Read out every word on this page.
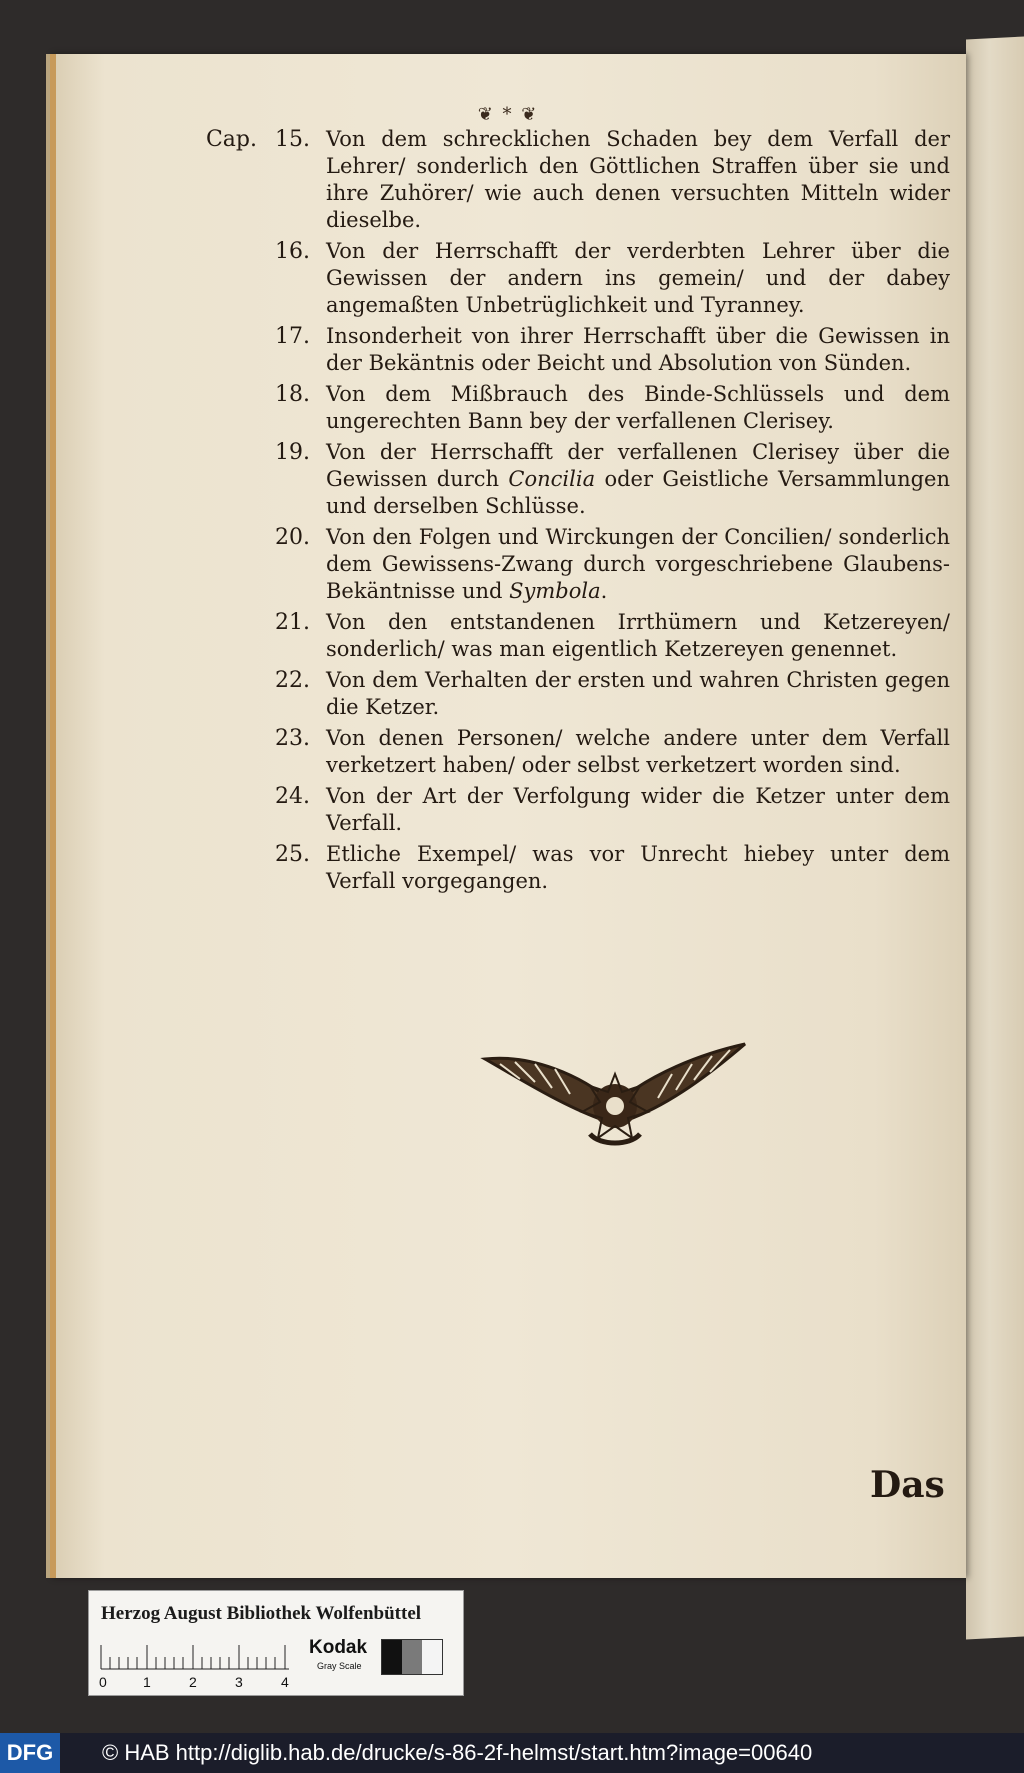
❦ * ❦
Cap. 15. Von dem schrecklichen Schaden bey dem Verfall der Lehrer/ sonderlich den Göttlichen Straffen über sie und ihre Zuhörer/ wie auch denen versuchten Mitteln wider dieselbe.
16. Von der Herrschafft der verderbten Lehrer über die Gewissen der andern ins gemein/ und der dabey angemaßten Unbetrüglichkeit und Tyranney.
17. Insonderheit von ihrer Herrschafft über die Gewissen in der Bekäntnis oder Beicht und Absolution von Sünden.
18. Von dem Mißbrauch des Binde-Schlüssels und dem ungerechten Bann bey der verfallenen Clerisey.
19. Von der Herrschafft der verfallenen Clerisey über die Gewissen durch Concilia oder Geistliche Versammlungen und derselben Schlüsse.
20. Von den Folgen und Wirckungen der Concilien/ sonderlich dem Gewissens-Zwang durch vorgeschriebene Glaubens-Bekäntnisse und Symbola.
21. Von den entstandenen Irrthümern und Ketzereyen/ sonderlich/ was man eigentlich Ketzereyen genennet.
22. Von dem Verhalten der ersten und wahren Christen gegen die Ketzer.
23. Von denen Personen/ welche andere unter dem Verfall verketzert haben/ oder selbst verketzert worden sind.
24. Von der Art der Verfolgung wider die Ketzer unter dem Verfall.
25. Etliche Exempel/ was vor Unrecht hiebey unter dem Verfall vorgegangen.
Das
Herzog August Bibliothek Wolfenbüttel
0	1	2	3	4
Kodak
Gray Scale
DFG	© HAB http://diglib.hab.de/drucke/s-86-2f-helmst/start.htm?image=00640
